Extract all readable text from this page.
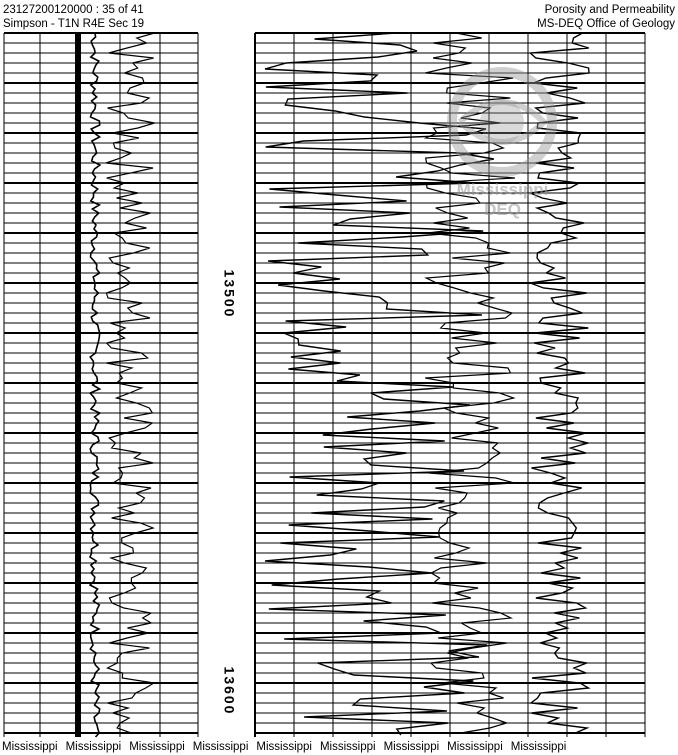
23127200120000 : 35 of 41
Simpson - T1N R4E Sec 19
Porosity and Permeability
MS-DEQ Office of Geology
13500
13600
Mississippi
DEQ
Mississippi Mississippi Mississippi Mississippi Mississippi Mississippi Mississippi Mississippi Mississippi
